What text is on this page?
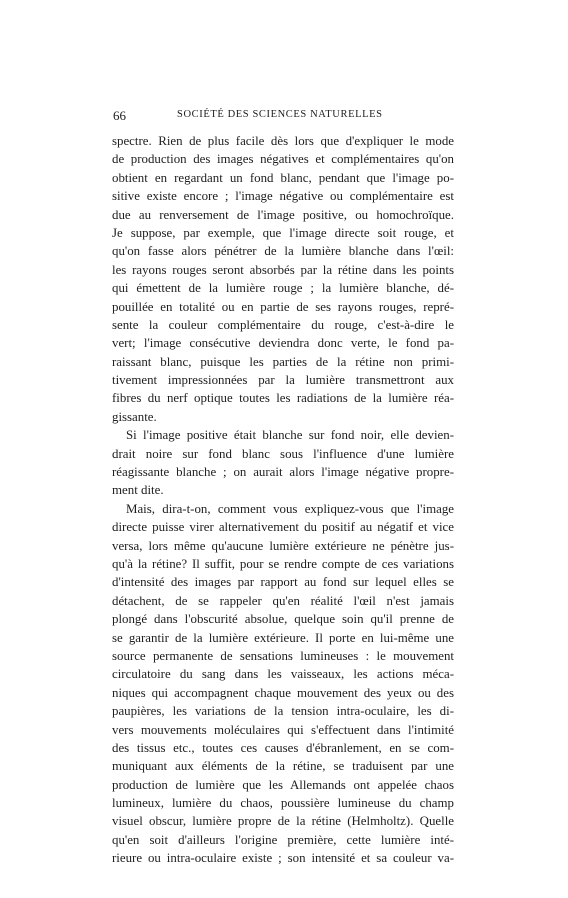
66	SOCIÉTÉ DES SCIENCES NATURELLES
spectre. Rien de plus facile dès lors que d'expliquer le mode
de production des images négatives et complémentaires qu'on
obtient en regardant un fond blanc, pendant que l'image po-
sitive existe encore ; l'image négative ou complémentaire est
due au renversement de l'image positive, ou homochroïque.
Je suppose, par exemple, que l'image directe soit rouge, et
qu'on fasse alors pénétrer de la lumière blanche dans l'œil:
les rayons rouges seront absorbés par la rétine dans les points
qui émettent de la lumière rouge ; la lumière blanche, dé-
pouillée en totalité ou en partie de ses rayons rouges, repré-
sente la couleur complémentaire du rouge, c'est-à-dire le
vert; l'image consécutive deviendra donc verte, le fond pa-
raissant blanc, puisque les parties de la rétine non primi-
tivement impressionnées par la lumière transmettront aux
fibres du nerf optique toutes les radiations de la lumière réa-
gissante.
Si l'image positive était blanche sur fond noir, elle devien-
drait noire sur fond blanc sous l'influence d'une lumière
réagissante blanche ; on aurait alors l'image négative propre-
ment dite.
Mais, dira-t-on, comment vous expliquez-vous que l'image
directe puisse virer alternativement du positif au négatif et vice
versa, lors même qu'aucune lumière extérieure ne pénètre jus-
qu'à la rétine? Il suffit, pour se rendre compte de ces variations
d'intensité des images par rapport au fond sur lequel elles se
détachent, de se rappeler qu'en réalité l'œil n'est jamais
plongé dans l'obscurité absolue, quelque soin qu'il prenne de
se garantir de la lumière extérieure. Il porte en lui-même une
source permanente de sensations lumineuses : le mouvement
circulatoire du sang dans les vaisseaux, les actions méca-
niques qui accompagnent chaque mouvement des yeux ou des
paupières, les variations de la tension intra-oculaire, les di-
vers mouvements moléculaires qui s'effectuent dans l'intimité
des tissus etc., toutes ces causes d'ébranlement, en se com-
muniquant aux éléments de la rétine, se traduisent par une
production de lumière que les Allemands ont appelée chaos
lumineux, lumière du chaos, poussière lumineuse du champ
visuel obscur, lumière propre de la rétine (Helmholtz). Quelle
qu'en soit d'ailleurs l'origine première, cette lumière inté-
rieure ou intra-oculaire existe ; son intensité et sa couleur va-
